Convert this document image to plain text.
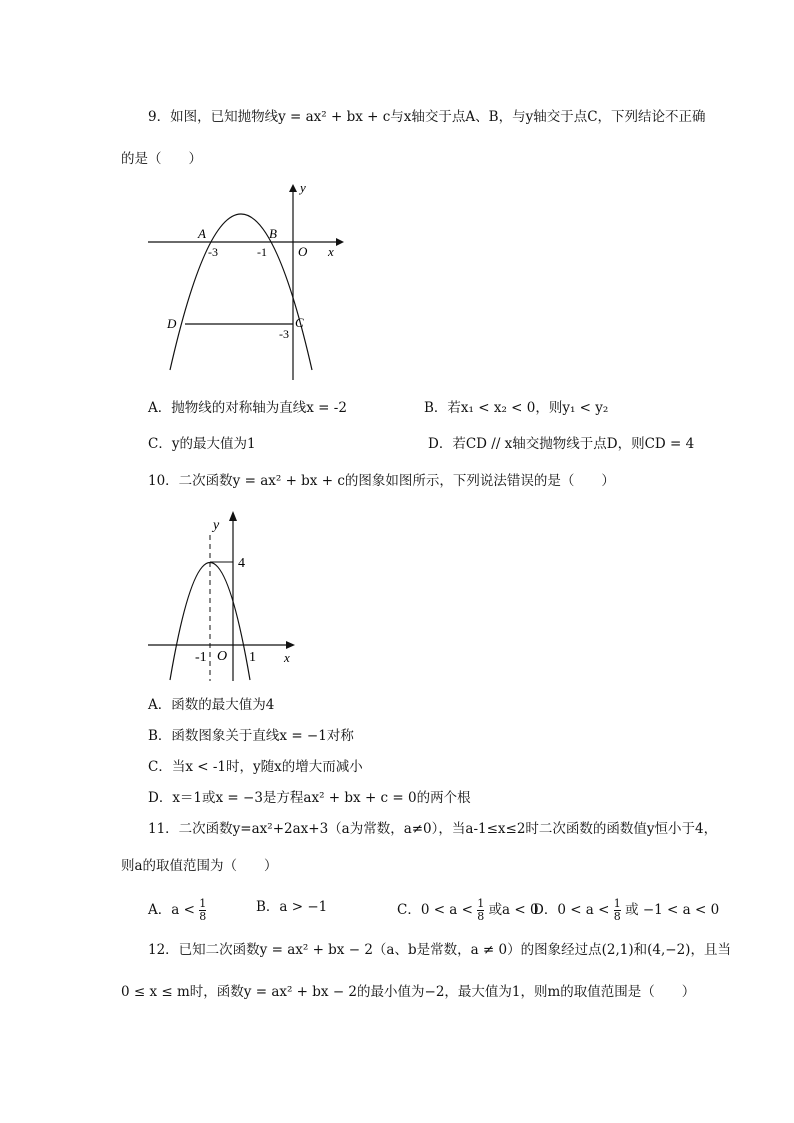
9．如图，已知抛物线y = ax² + bx + c与x轴交于点A、B，与y轴交于点C，下列结论不正确
的是（　　）
y
x
O
A	B
C
D
-3	-1
-3
A．抛物线的对称轴为直线x = -2	B．若x₁ < x₂ < 0，则y₁ < y₂
C．y的最大值为1	D．若CD // x轴交抛物线于点D，则CD = 4
10．二次函数y = ax² + bx + c的图象如图所示，下列说法错误的是（　　）
y
x
O
4
-1	1
A．函数的最大值为4
B．函数图象关于直线x = −1对称
C．当x < -1时，y随x的增大而减小
D．x＝1或x = −3是方程ax² + bx + c = 0的两个根
11．二次函数y=ax²+2ax+3（a为常数，a≠0），当a-1≤x≤2时二次函数的函数值y恒小于4，
则a的取值范围为（　　）
A．$a < \frac{1}{8}$	B．a > −1	C．$0 < a < \frac{1}{8}$ 或a < 0
D．$0 < a < \frac{1}{8}$ 或 −1 < a < 0
12．已知二次函数y = ax² + bx − 2（a、b是常数，a ≠ 0）的图象经过点(2,1)和(4,−2)，且当
0 ≤ x ≤ m时，函数y = ax² + bx − 2的最小值为−2，最大值为1，则m的取值范围是（　　）
